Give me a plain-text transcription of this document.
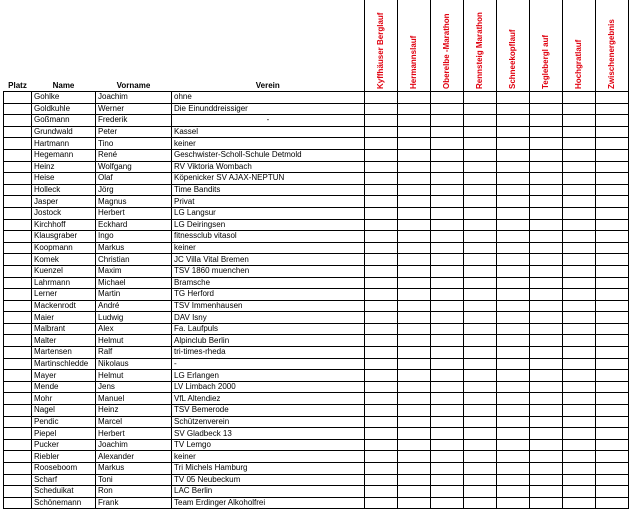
Platz	Name	Vorname	Verein	Kyffhäuser Berglauf	Hermannslauf	Oberelbe -Marathon	Rennsteig Marathon	Schneekopflauf	Teglebergl auf	Hochgratlauf	Zwischenergebnis

	Gohlke	Joachim	ohne								
	Goldkuhle	Werner	Die Einunddreissiger								
	Goßmann	Frederik	-								
	Grundwald	Peter	Kassel								
	Hartmann	Tino	keiner								
	Hegemann	René	Geschwister-Scholl-Schule Detmold								
	Heinz	Wolfgang	RV Viktoria Wombach								
	Heise	Olaf	Köpenicker SV AJAX-NEPTUN								
	Holleck	Jörg	Time Bandits								
	Jasper	Magnus	Privat								
	Jostock	Herbert	LG Langsur								
	Kirchhoff	Eckhard	LG Deiringsen								
	Klausgraber	Ingo	fitnessclub vitasol								
	Koopmann	Markus	keiner								
	Komek	Christian	JC Villa Vital Bremen								
	Kuenzel	Maxim	TSV 1860 muenchen								
	Lahrmann	Michael	Bramsche								
	Lerner	Martin	TG Herford								
	Mackenrodt	André	TSV Immenhausen								
	Maier	Ludwig	DAV Isny								
	Malbrant	Alex	Fa. Laufpuls								
	Malter	Helmut	Alpinclub Berlin								
	Martensen	Ralf	tri-times-rheda								
	Martinschledde	Nikolaus	-								
	Mayer	Helmut	LG Erlangen								
	Mende	Jens	LV Limbach 2000								
	Mohr	Manuel	VfL Altendiez								
	Nagel	Heinz	TSV Bemerode								
	Pendic	Marcel	Schützenverein								
	Piepel	Herbert	SV Gladbeck 13								
	Pucker	Joachim	TV Lemgo								
	Riebler	Alexander	keiner								
	Rooseboom	Markus	Tri Michels Hamburg								
	Scharf	Toni	TV 05 Neubeckum								
	Scheduikat	Ron	LAC Berlin								
	Schönemann	Frank	Team Erdinger Alkoholfrei								
